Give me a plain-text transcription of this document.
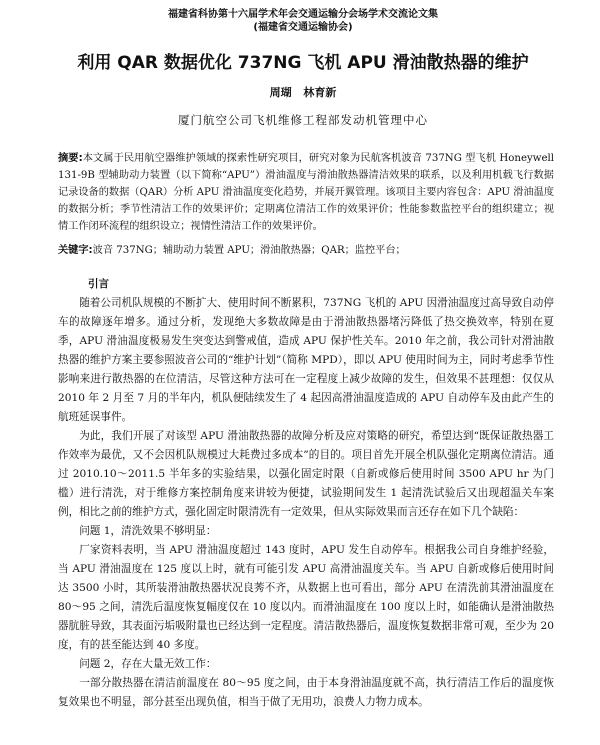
福建省科协第十六届学术年会交通运输分会场学术交流论文集
(福建省交通运输协会)
利用 QAR 数据优化 737NG 飞机 APU 滑油散热器的维护
周瑚 林育新
厦门航空公司飞机维修工程部发动机管理中心
摘要:本文属于民用航空器维护领域的探索性研究项目，研究对象为民航客机波音 737NG 型飞机 Honeywell 131-9B 型辅助动力装置（以下简称“APU”）滑油温度与滑油散热器清洁效果的联系，以及利用机载飞行数据记录设备的数据（QAR）分析 APU 滑油温度变化趋势，并展开翼管理。该项目主要内容包含：APU 滑油温度的数据分析；季节性清洁工作的效果评价；定期离位清洁工作的效果评价；性能参数监控平台的组织建立；视情工作闭环流程的组织设立；视情性清洁工作的效果评价。
关键字:波音 737NG；辅助动力装置 APU；滑油散热器；QAR；监控平台；
引言

随着公司机队规模的不断扩大、使用时间不断累积，737NG 飞机的 APU 因滑油温度过高导致自动停车的故障逐年增多。通过分析，发现绝大多数故障是由于滑油散热器堵污降低了热交换效率，特别在夏季，APU 滑油温度极易发生突变达到警戒值，造成 APU 保护性关车。2010 年之前，我公司针对滑油散热器的维护方案主要参照波音公司的“维护计划”（简称 MPD），即以 APU 使用时间为主，同时考虑季节性影响来进行散热器的在位清洁，尽管这种方法可在一定程度上减少故障的发生，但效果不甚理想：仅仅从 2010 年 2 月至 7 月的半年内，机队便陆续发生了 4 起因高滑油温度造成的 APU 自动停车及由此产生的航班延误事件。

为此，我们开展了对该型 APU 滑油散热器的故障分析及应对策略的研究，希望达到“既保证散热器工作效率为最优，又不会因机队规模过大耗费过多成本”的目的。项目首先开展全机队强化定期离位清洁。通过 2010.10～2011.5 半年多的实验结果，以强化固定时限（自新或修后使用时间 3500 APU hr 为门槛）进行清洗，对于维修方案控制角度来讲较为便捷，试验期间发生 1 起清洗试验后又出现超温关车案例，相比之前的维护方式，强化固定时限清洗有一定效果，但从实际效果而言还存在如下几个缺陷：

问题 1，清洗效果不够明显：

厂家资料表明，当 APU 滑油温度超过 143 度时，APU 发生自动停车。根据我公司自身维护经验，当 APU 滑油温度在 125 度以上时，就有可能引发 APU 高滑油温度关车。当 APU 自新或修后使用时间达 3500 小时，其所装滑油散热器状况良莠不齐，从数据上也可看出，部分 APU 在清洗前其滑油温度在 80～95 之间，清洗后温度恢复幅度仅在 10 度以内。而滑油温度在 100 度以上时，如能确认是滑油散热器肮脏导致，其表面污垢吸附量也已经达到一定程度。清洁散热器后，温度恢复数据非常可观，至少为 20 度，有的甚至能达到 40 多度。

问题 2，存在大量无效工作：

一部分散热器在清洁前温度在 80～95 度之间，由于本身滑油温度就不高，执行清洁工作后的温度恢复效果也不明显，部分甚至出现负值，相当于做了无用功，浪费人力物力成本。
